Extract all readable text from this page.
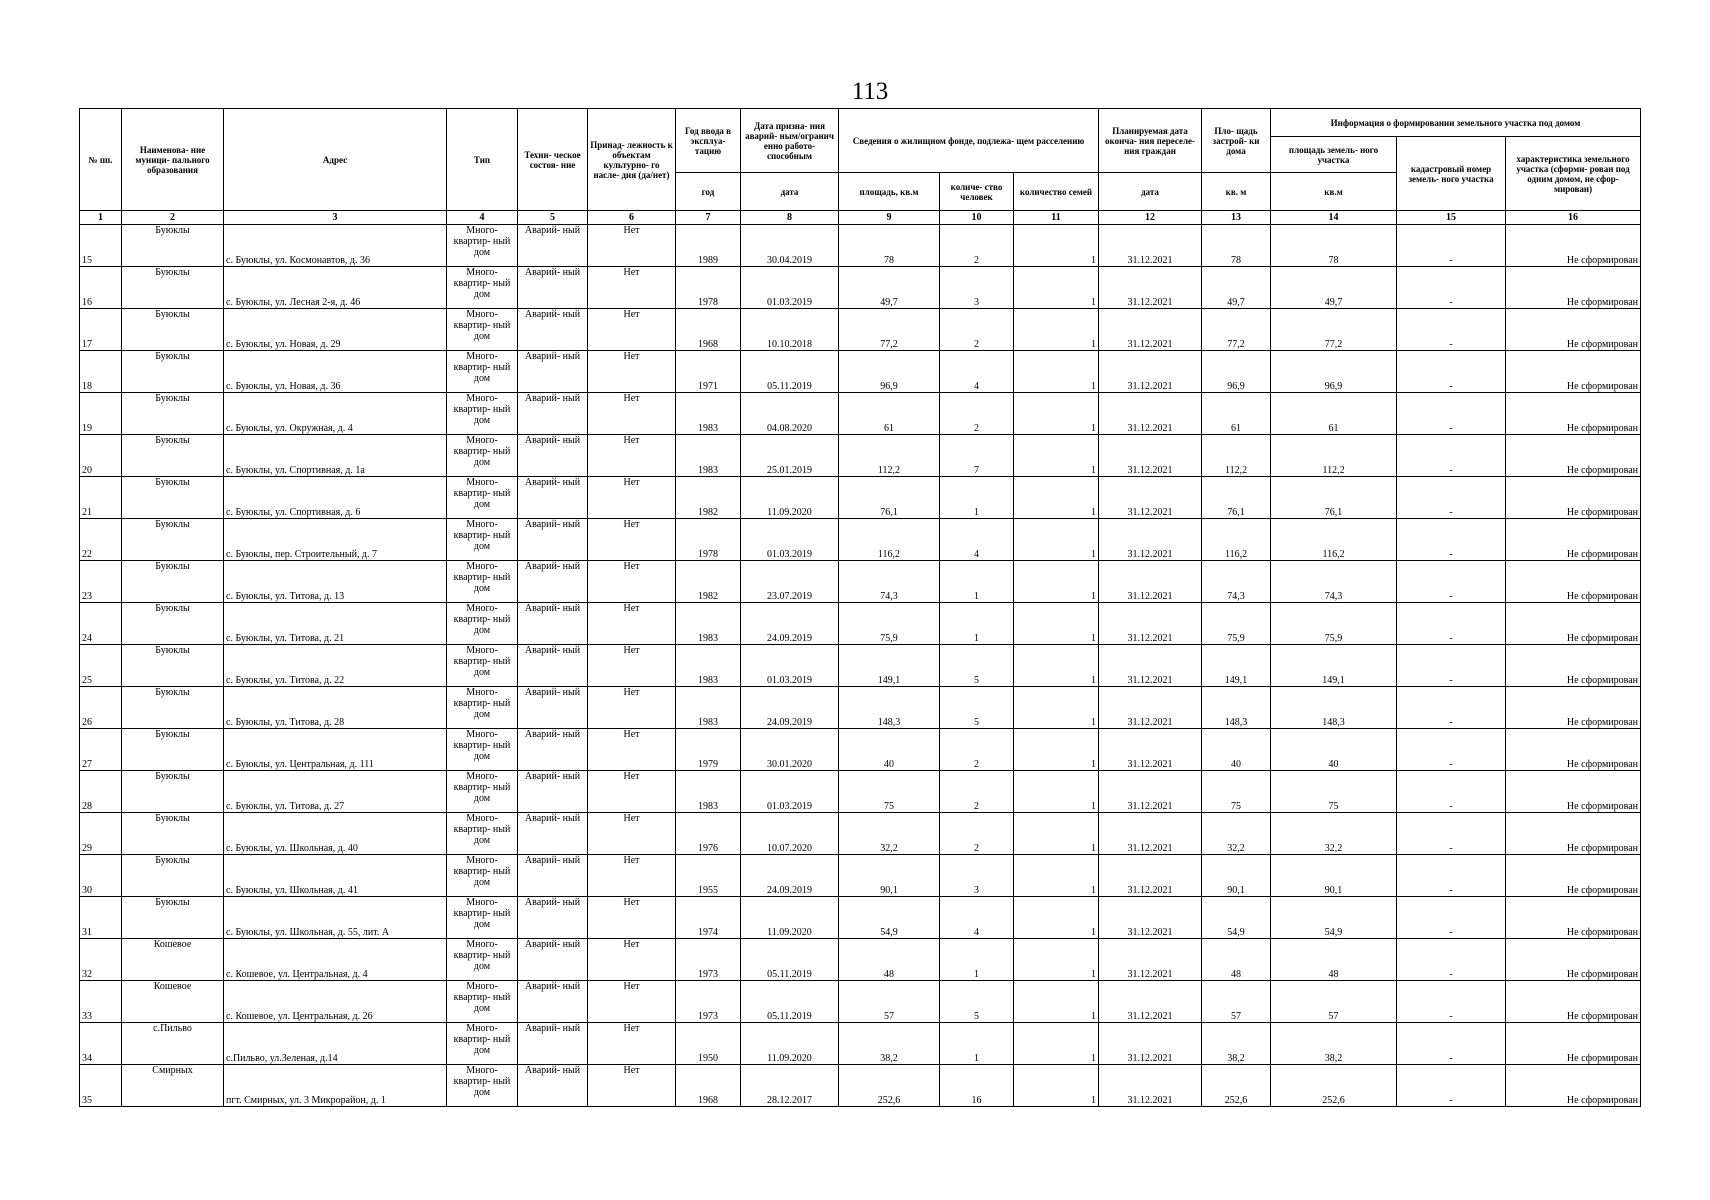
113
№ пп.	Наименова- ние муници- пального образования	Адрес	Тип	Техни- ческое состоя- ние	Принад- лежность к объектам культурно- го насле- дия (да/нет)	Год ввода в эксплуа- тацию	Дата призна- ния аварий- ным/огранич енно работо- способным	Сведения о жилищном фонде, подлежа- щем расселению			Планируемая дата оконча- ния переселе- ния граждан	Пло- щадь застрой- ки дома	Информация о формировании земельного участка под домом		
													площадь земель- ного участка	кадастровый номер земель- ного участка	характеристика земельного участка (сформи- рован под одним домом, не сфор- мирован)
						год	дата	площадь, кв.м	количе- ство человек	количество семей	дата	кв. м	кв.м		
1	2	3	4	5	6	7	8	9	10	11	12	13	14	15	16
15	Буюклы	с. Буюклы, ул. Космонавтов, д. 36	Много- квартир- ный дом	Аварий- ный	Нет	1989	30.04.2019	78	2	1	31.12.2021	78	78	-	Не сформирован
16	Буюклы	с. Буюклы, ул. Лесная 2-я, д. 46	Много- квартир- ный дом	Аварий- ный	Нет	1978	01.03.2019	49,7	3	1	31.12.2021	49,7	49,7	-	Не сформирован
17	Буюклы	с. Буюклы, ул. Новая, д. 29	Много- квартир- ный дом	Аварий- ный	Нет	1968	10.10.2018	77,2	2	1	31.12.2021	77,2	77,2	-	Не сформирован
18	Буюклы	с. Буюклы, ул. Новая, д. 36	Много- квартир- ный дом	Аварий- ный	Нет	1971	05.11.2019	96,9	4	1	31.12.2021	96,9	96,9	-	Не сформирован
19	Буюклы	с. Буюклы, ул. Окружная, д. 4	Много- квартир- ный дом	Аварий- ный	Нет	1983	04.08.2020	61	2	1	31.12.2021	61	61	-	Не сформирован
20	Буюклы	с. Буюклы, ул. Спортивная, д. 1а	Много- квартир- ный дом	Аварий- ный	Нет	1983	25.01.2019	112,2	7	1	31.12.2021	112,2	112,2	-	Не сформирован
21	Буюклы	с. Буюклы, ул. Спортивная, д. 6	Много- квартир- ный дом	Аварий- ный	Нет	1982	11.09.2020	76,1	1	1	31.12.2021	76,1	76,1	-	Не сформирован
22	Буюклы	с. Буюклы, пер. Строительный, д. 7	Много- квартир- ный дом	Аварий- ный	Нет	1978	01.03.2019	116,2	4	1	31.12.2021	116,2	116,2	-	Не сформирован
23	Буюклы	с. Буюклы, ул. Титова, д. 13	Много- квартир- ный дом	Аварий- ный	Нет	1982	23.07.2019	74,3	1	1	31.12.2021	74,3	74,3	-	Не сформирован
24	Буюклы	с. Буюклы, ул. Титова, д. 21	Много- квартир- ный дом	Аварий- ный	Нет	1983	24.09.2019	75,9	1	1	31.12.2021	75,9	75,9	-	Не сформирован
25	Буюклы	с. Буюклы, ул. Титова, д. 22	Много- квартир- ный дом	Аварий- ный	Нет	1983	01.03.2019	149,1	5	1	31.12.2021	149,1	149,1	-	Не сформирован
26	Буюклы	с. Буюклы, ул. Титова, д. 28	Много- квартир- ный дом	Аварий- ный	Нет	1983	24.09.2019	148,3	5	1	31.12.2021	148,3	148,3	-	Не сформирован
27	Буюклы	с. Буюклы, ул. Центральная, д. 111	Много- квартир- ный дом	Аварий- ный	Нет	1979	30.01.2020	40	2	1	31.12.2021	40	40	-	Не сформирован
28	Буюклы	с. Буюклы, ул. Титова, д. 27	Много- квартир- ный дом	Аварий- ный	Нет	1983	01.03.2019	75	2	1	31.12.2021	75	75	-	Не сформирован
29	Буюклы	с. Буюклы, ул. Школьная, д. 40	Много- квартир- ный дом	Аварий- ный	Нет	1976	10.07.2020	32,2	2	1	31.12.2021	32,2	32,2	-	Не сформирован
30	Буюклы	с. Буюклы, ул. Школьная, д. 41	Много- квартир- ный дом	Аварий- ный	Нет	1955	24.09.2019	90,1	3	1	31.12.2021	90,1	90,1	-	Не сформирован
31	Буюклы	с. Буюклы, ул. Школьная, д. 55, лит. А	Много- квартир- ный дом	Аварий- ный	Нет	1974	11.09.2020	54,9	4	1	31.12.2021	54,9	54,9	-	Не сформирован
32	Кошевое	с. Кошевое, ул. Центральная, д. 4	Много- квартир- ный дом	Аварий- ный	Нет	1973	05.11.2019	48	1	1	31.12.2021	48	48	-	Не сформирован
33	Кошевое	с. Кошевое, ул. Центральная, д. 26	Много- квартир- ный дом	Аварий- ный	Нет	1973	05.11.2019	57	5	1	31.12.2021	57	57	-	Не сформирован
34	с.Пильво	с.Пильво, ул.Зеленая, д.14	Много- квартир- ный дом	Аварий- ный	Нет	1950	11.09.2020	38,2	1	1	31.12.2021	38,2	38,2	-	Не сформирован
35	Смирных	пгт. Смирных, ул. 3 Микрорайон, д. 1	Много- квартир- ный дом	Аварий- ный	Нет	1968	28.12.2017	252,6	16	1	31.12.2021	252,6	252,6	-	Не сформирован
